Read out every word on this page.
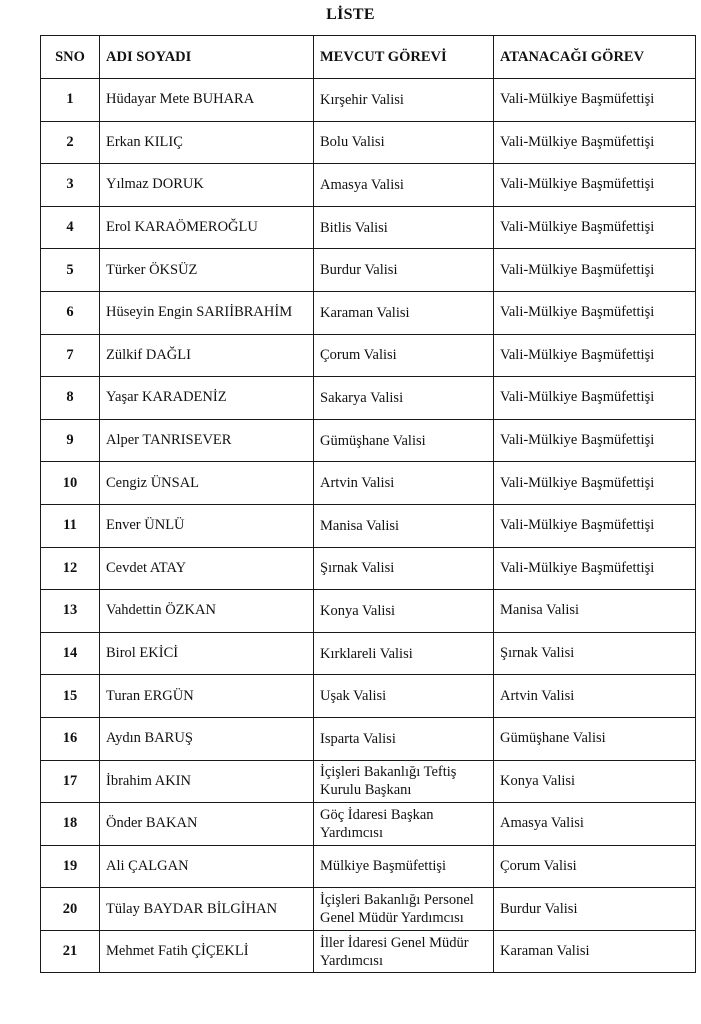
LİSTE
SNO	ADI SOYADI	MEVCUT GÖREVİ	ATANACAĞI GÖREV
1	Hüdayar Mete BUHARA	Kırşehir Valisi	Vali-Mülkiye Başmüfettişi
2	Erkan KILIÇ	Bolu Valisi	Vali-Mülkiye Başmüfettişi
3	Yılmaz DORUK	Amasya Valisi	Vali-Mülkiye Başmüfettişi
4	Erol KARAÖMEROĞLU	Bitlis Valisi	Vali-Mülkiye Başmüfettişi
5	Türker ÖKSÜZ	Burdur Valisi	Vali-Mülkiye Başmüfettişi
6	Hüseyin Engin SARIİBRAHİM	Karaman Valisi	Vali-Mülkiye Başmüfettişi
7	Zülkif DAĞLI	Çorum Valisi	Vali-Mülkiye Başmüfettişi
8	Yaşar KARADENİZ	Sakarya Valisi	Vali-Mülkiye Başmüfettişi
9	Alper TANRISEVER	Gümüşhane Valisi	Vali-Mülkiye Başmüfettişi
10	Cengiz ÜNSAL	Artvin Valisi	Vali-Mülkiye Başmüfettişi
11	Enver ÜNLÜ	Manisa Valisi	Vali-Mülkiye Başmüfettişi
12	Cevdet ATAY	Şırnak Valisi	Vali-Mülkiye Başmüfettişi
13	Vahdettin ÖZKAN	Konya Valisi	Manisa Valisi
14	Birol EKİCİ	Kırklareli Valisi	Şırnak Valisi
15	Turan ERGÜN	Uşak Valisi	Artvin Valisi
16	Aydın BARUŞ	Isparta Valisi	Gümüşhane Valisi
17	İbrahim AKIN	İçişleri Bakanlığı Teftiş Kurulu Başkanı	Konya Valisi
18	Önder BAKAN	Göç İdaresi Başkan Yardımcısı	Amasya Valisi
19	Ali ÇALGAN	Mülkiye Başmüfettişi	Çorum Valisi
20	Tülay BAYDAR BİLGİHAN	İçişleri Bakanlığı Personel Genel Müdür Yardımcısı	Burdur Valisi
21	Mehmet Fatih ÇİÇEKLİ	İller İdaresi Genel Müdür Yardımcısı	Karaman Valisi
